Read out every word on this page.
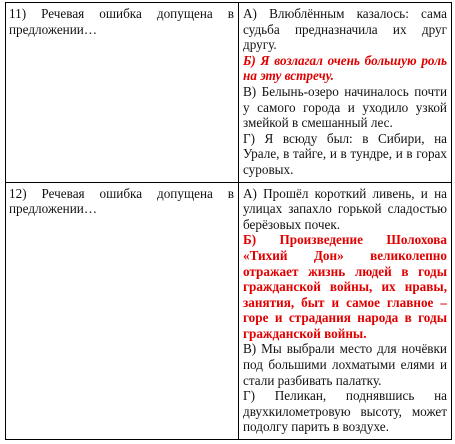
11) Речевая ошибка допущена в предложении…	А) Влюблённым казалось: сама судьба предназначила их друг другу.

Б) Я возлагал очень большую роль на эту встречу.

В) Белынь-озеро начиналось почти у самого города и уходило узкой змейкой в смешанный лес.

Г) Я всюду был: в Сибири, на Урале, в тайге, и в тундре, и в горах суровых.

12) Речевая ошибка допущена в предложении…	А) Прошёл короткий ливень, и на улицах запахло горькой сладостью берёзовых почек.

Б) Произведение Шолохова «Тихий Дон» великолепно отражает жизнь людей в годы гражданской войны, их нравы, занятия, быт и самое главное – горе и страдания народа в годы гражданской войны.

В) Мы выбрали место для ночёвки под большими лохматыми елями и стали разбивать палатку.

Г) Пеликан, поднявшись на двухкилометровую высоту, может подолгу парить в воздухе.
